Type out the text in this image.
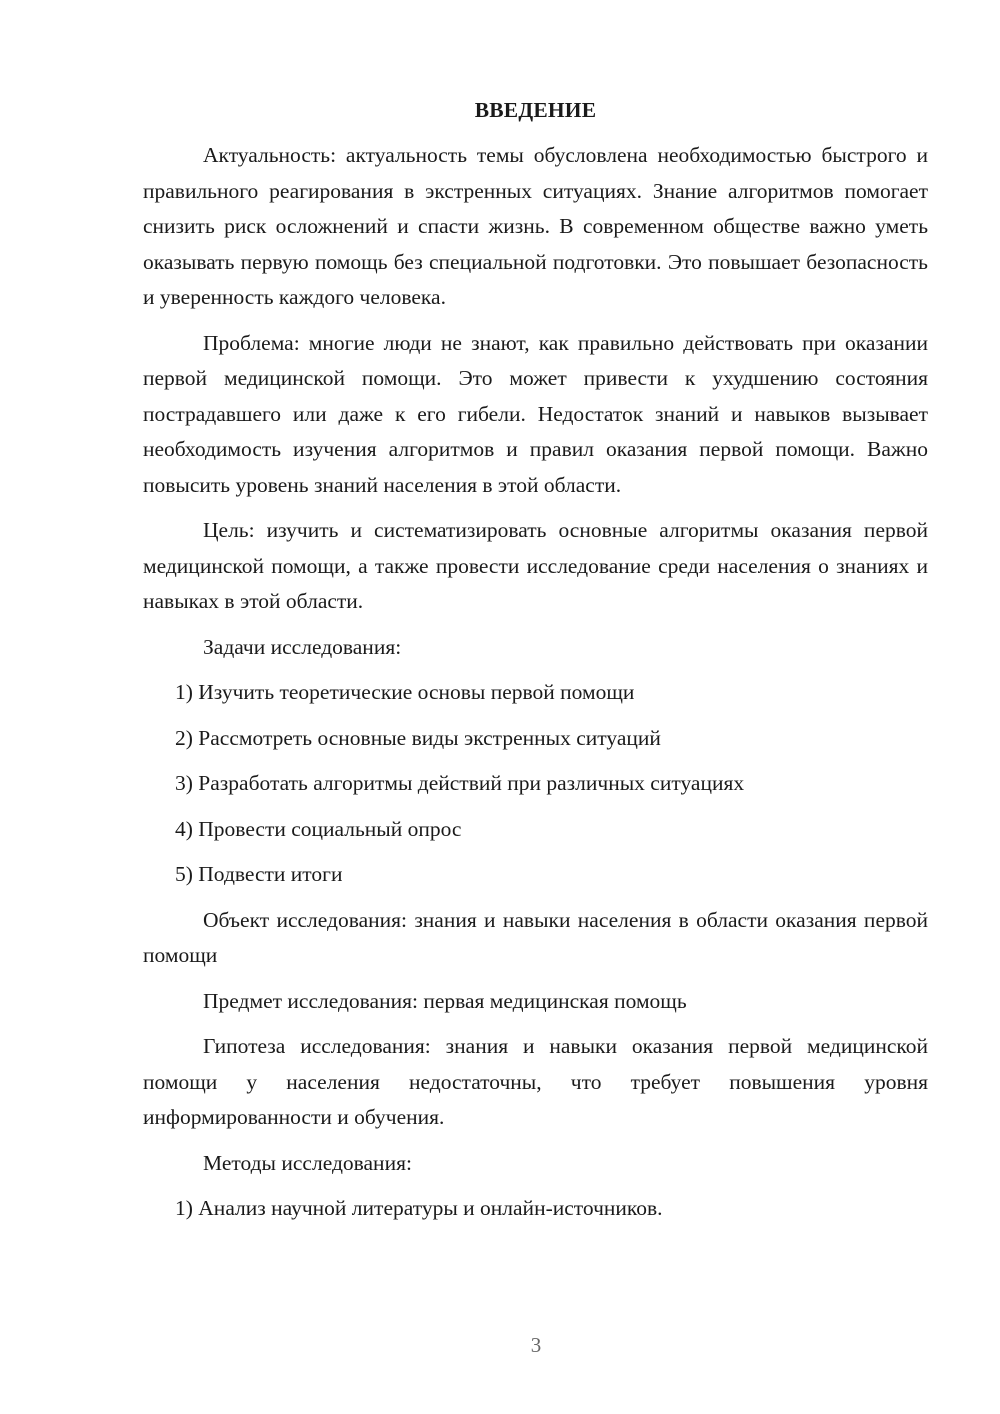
ВВЕДЕНИЕ

Актуальность: актуальность темы обусловлена необходимостью быстрого и правильного реагирования в экстренных ситуациях. Знание алгоритмов помогает снизить риск осложнений и спасти жизнь. В современном обществе важно уметь оказывать первую помощь без специальной подготовки. Это повышает безопасность и уверенность каждого человека.

Проблема: многие люди не знают, как правильно действовать при оказании первой медицинской помощи. Это может привести к ухудшению состояния пострадавшего или даже к его гибели. Недостаток знаний и навыков вызывает необходимость изучения алгоритмов и правил оказания первой помощи. Важно повысить уровень знаний населения в этой области.

Цель: изучить и систематизировать основные алгоритмы оказания первой медицинской помощи, а также провести исследование среди населения о знаниях и навыках в этой области.

Задачи исследования:

1) Изучить теоретические основы первой помощи

2) Рассмотреть основные виды экстренных ситуаций

3) Разработать алгоритмы действий при различных ситуациях

4) Провести социальный опрос

5) Подвести итоги

Объект исследования: знания и навыки населения в области оказания первой помощи

Предмет исследования: первая медицинская помощь

Гипотеза исследования: знания и навыки оказания первой медицинской помощи у населения недостаточны, что требует повышения уровня информированности и обучения.

Методы исследования:

1) Анализ научной литературы и онлайн-источников.

3
